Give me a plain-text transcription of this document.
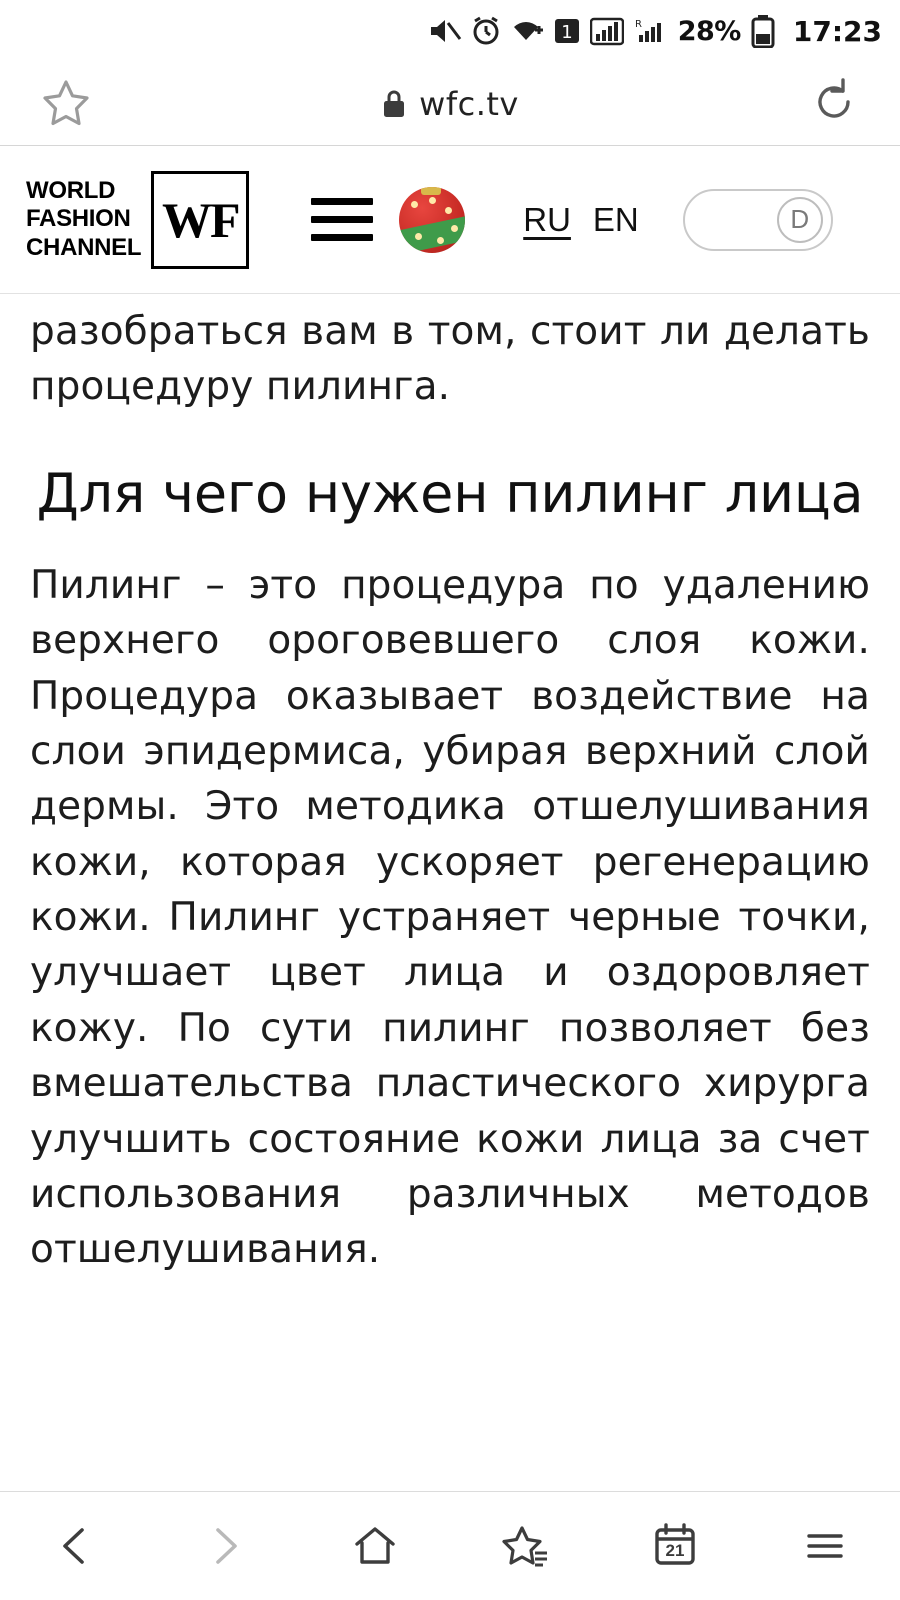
1	R 28% 17:23
wfc.tv
WORLD
FASHION
CHANNEL WF	RU EN	D

разобраться вам в том, стоит ли делать процедуру пилинга.

Для чего нужен пилинг лица

Пилинг – это процедура по удалению верхнего ороговевшего слоя кожи. Процедура оказывает воздействие на слои эпидермиса, убирая верхний слой дермы. Это методика отшелушивания кожи, которая ускоряет регенерацию кожи. Пилинг устраняет черные точки, улучшает цвет лица и оздоровляет кожу. По сути пилинг позволяет без вмешательства пластического хирурга улучшить состояние кожи лица за счет использования различных методов отшелушивания.

21
